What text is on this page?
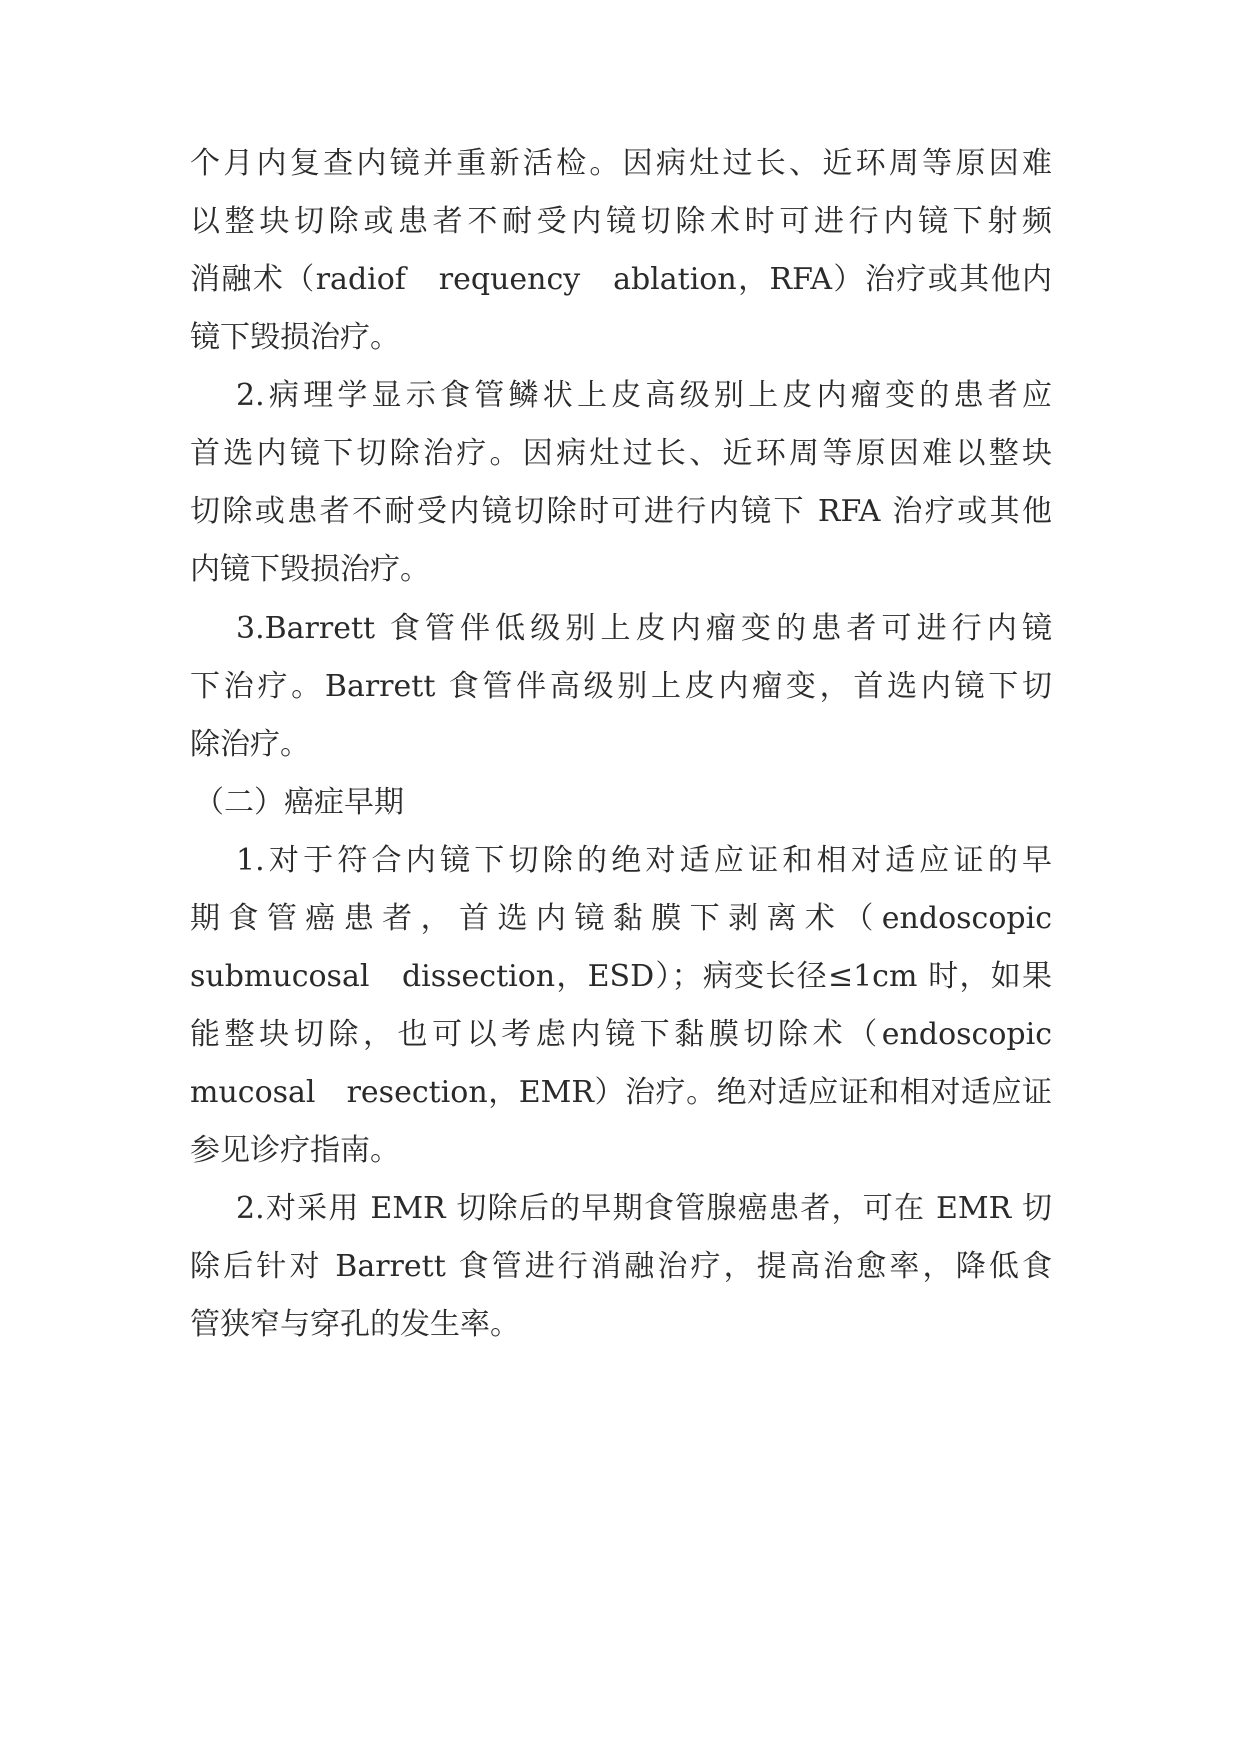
个月内复查内镜并重新活检。因病灶过长、近环周等原因难
以整块切除或患者不耐受内镜切除术时可进行内镜下射频
消融术（radiof　requency　ablation，RFA）治疗或其他内
镜下毁损治疗。
2.病理学显示食管鳞状上皮高级别上皮内瘤变的患者应
首选内镜下切除治疗。因病灶过长、近环周等原因难以整块
切除或患者不耐受内镜切除时可进行内镜下 RFA 治疗或其他
内镜下毁损治疗。
3.Barrett 食管伴低级别上皮内瘤变的患者可进行内镜
下治疗。Barrett 食管伴高级别上皮内瘤变，首选内镜下切
除治疗。
（二）癌症早期
1.对于符合内镜下切除的绝对适应证和相对适应证的早
期食管癌患者，首选内镜黏膜下剥离术（endoscopic
submucosal　dissection，ESD）；病变长径≤1cm 时，如果
能整块切除，也可以考虑内镜下黏膜切除术（endoscopic
mucosal　resection，EMR）治疗。绝对适应证和相对适应证
参见诊疗指南。
2.对采用 EMR 切除后的早期食管腺癌患者，可在 EMR 切
除后针对 Barrett 食管进行消融治疗，提高治愈率，降低食
管狭窄与穿孔的发生率。
